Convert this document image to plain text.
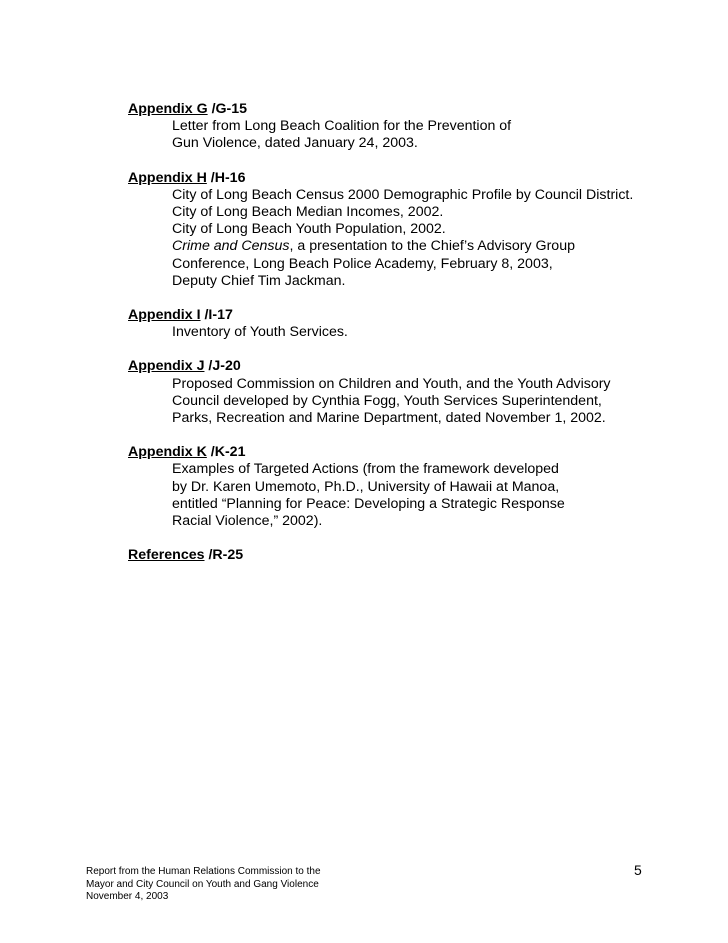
Appendix G /G-15
Letter from Long Beach Coalition for the Prevention of
Gun Violence, dated January 24, 2003.
Appendix H /H-16
City of Long Beach Census 2000 Demographic Profile by Council District.
City of Long Beach Median Incomes, 2002.
City of Long Beach Youth Population, 2002.
Crime and Census, a presentation to the Chief’s Advisory Group
Conference, Long Beach Police Academy, February 8, 2003,
Deputy Chief Tim Jackman.
Appendix I /I-17
Inventory of Youth Services.
Appendix J /J-20
Proposed Commission on Children and Youth, and the Youth Advisory
Council developed by Cynthia Fogg, Youth Services Superintendent,
Parks, Recreation and Marine Department, dated November 1, 2002.
Appendix K /K-21
Examples of Targeted Actions (from the framework developed
by Dr. Karen Umemoto, Ph.D., University of Hawaii at Manoa,
entitled “Planning for Peace: Developing a Strategic Response
Racial Violence,” 2002).
References /R-25
Report from the Human Relations Commission to the
Mayor and City Council on Youth and Gang Violence
November 4, 2003
5
